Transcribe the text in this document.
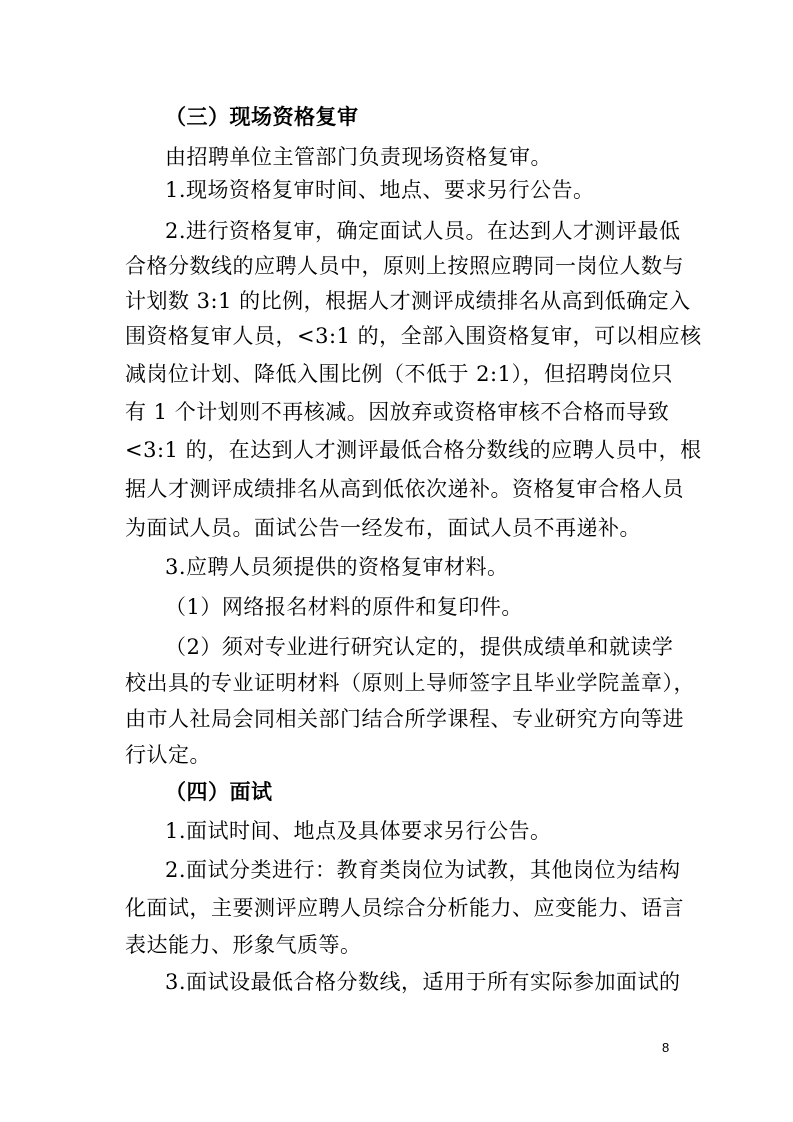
（三）现场资格复审
由招聘单位主管部门负责现场资格复审。
1.现场资格复审时间、地点、要求另行公告。
2.进行资格复审，确定面试人员。在达到人才测评最低
合格分数线的应聘人员中，原则上按照应聘同一岗位人数与
计划数 3:1 的比例，根据人才测评成绩排名从高到低确定入
围资格复审人员，<3:1 的，全部入围资格复审，可以相应核
减岗位计划、降低入围比例（不低于 2:1），但招聘岗位只
有 1 个计划则不再核减。因放弃或资格审核不合格而导致
<3:1 的，在达到人才测评最低合格分数线的应聘人员中，根
据人才测评成绩排名从高到低依次递补。资格复审合格人员
为面试人员。面试公告一经发布，面试人员不再递补。
3.应聘人员须提供的资格复审材料。
（1）网络报名材料的原件和复印件。
（2）须对专业进行研究认定的，提供成绩单和就读学
校出具的专业证明材料（原则上导师签字且毕业学院盖章），
由市人社局会同相关部门结合所学课程、专业研究方向等进
行认定。
（四）面试
1.面试时间、地点及具体要求另行公告。
2.面试分类进行：教育类岗位为试教，其他岗位为结构
化面试，主要测评应聘人员综合分析能力、应变能力、语言
表达能力、形象气质等。
3.面试设最低合格分数线，适用于所有实际参加面试的
8
